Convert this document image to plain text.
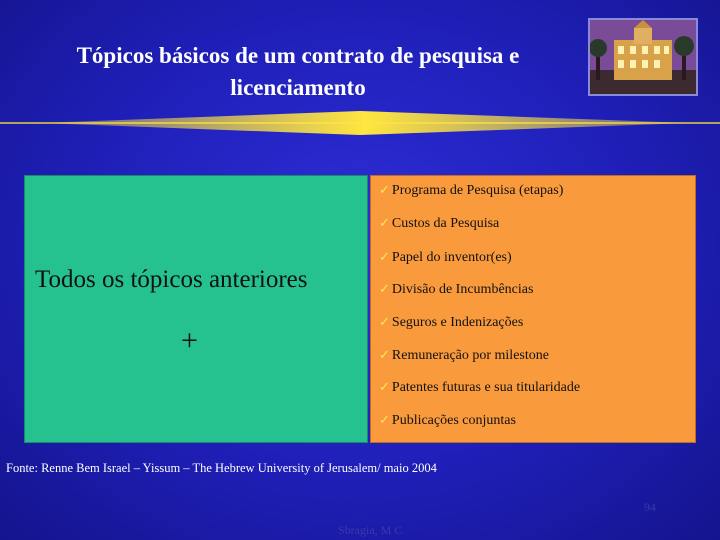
Tópicos básicos de um contrato de pesquisa e
licenciamento
Todos os tópicos anteriores
+
✓ Programa de Pesquisa (etapas)
✓ Custos da Pesquisa
✓ Papel do inventor(es)
✓ Divisão de Incumbências
✓ Seguros e Indenizações
✓ Remuneração por milestone
✓ Patentes futuras e sua titularidade
✓ Publicações conjuntas
Fonte: Renne Bem Israel – Yissum – The Hebrew University of Jerusalem/ maio 2004
94
Sbragia, M C
